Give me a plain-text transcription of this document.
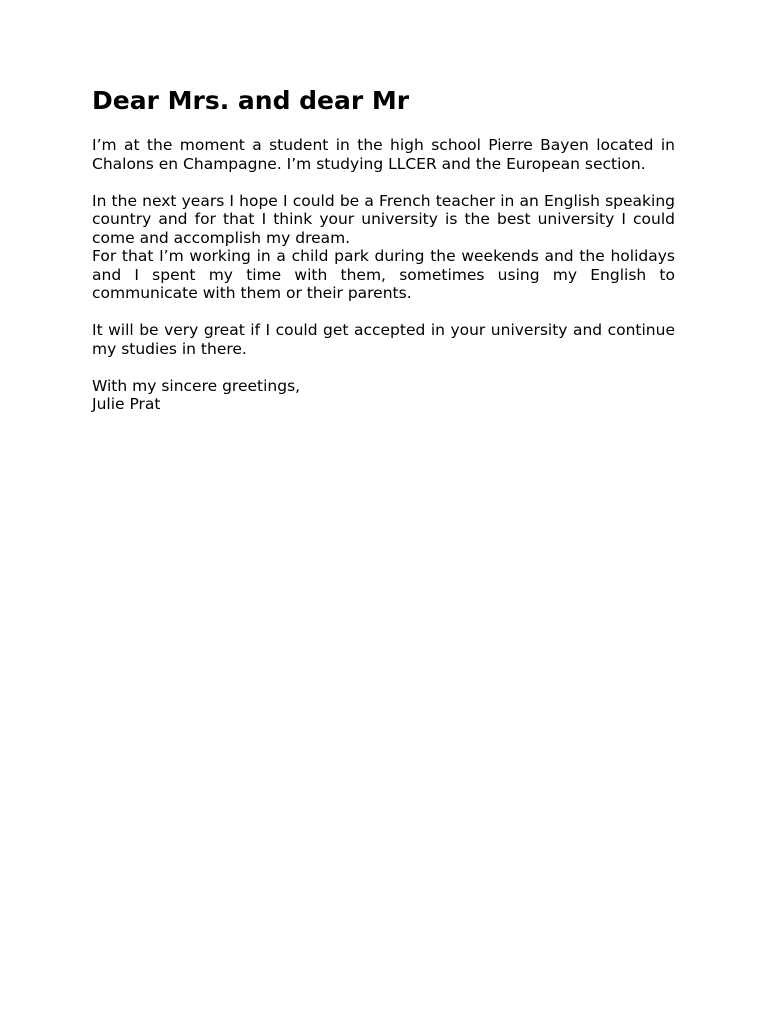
Dear Mrs. and dear Mr

I’m at the moment a student in the high school Pierre Bayen located in Chalons en Champagne. I’m studying LLCER and the European section.

In the next years I hope I could be a French teacher in an English speaking country and for that I think your university is the best university I could come and accomplish my dream.

For that I’m working in a child park during the weekends and the holidays and I spent my time with them, sometimes using my English to communicate with them or their parents.

It will be very great if I could get accepted in your university and continue my studies in there.

With my sincere greetings,

Julie Prat
